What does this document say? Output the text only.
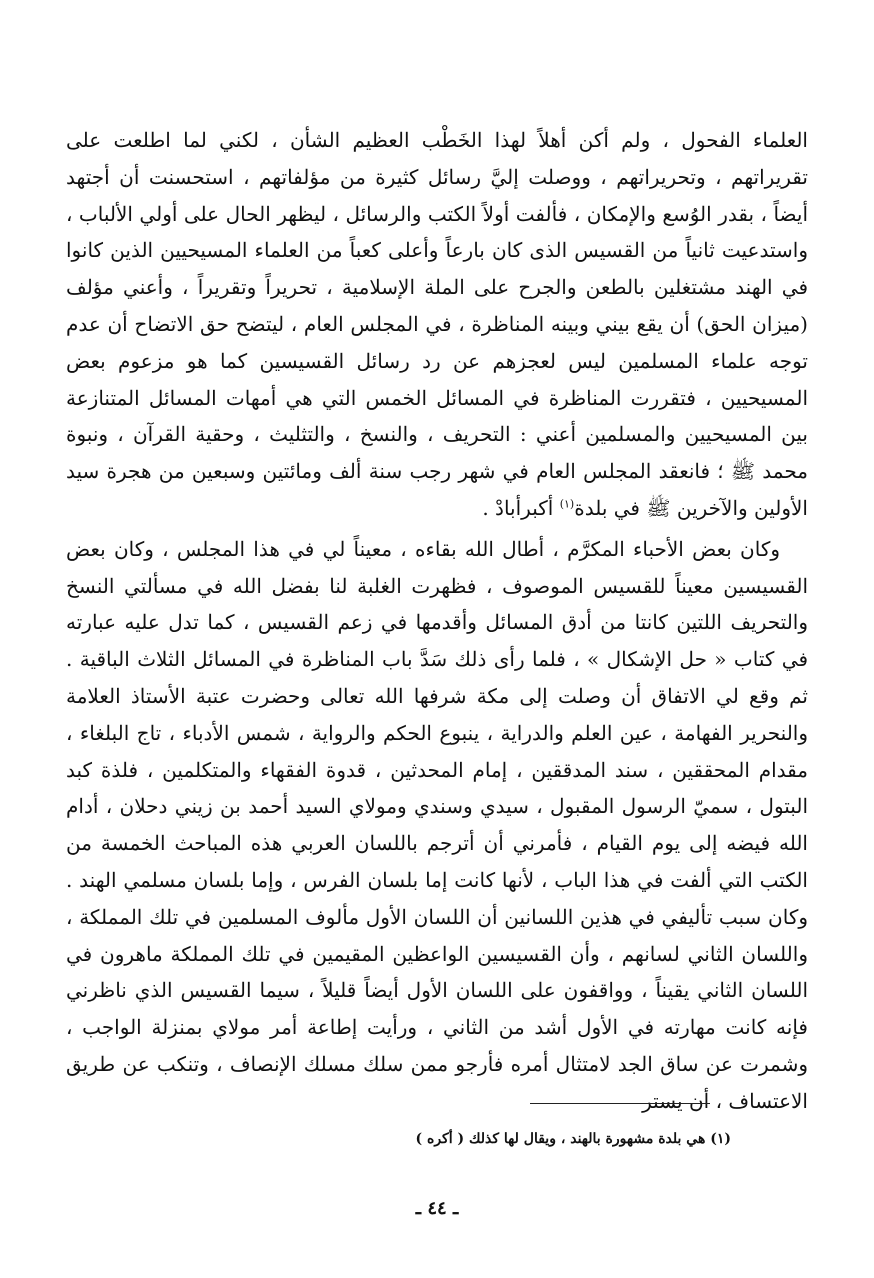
العلماء الفحول ، ولم أكن أهلاً لهذا الخَطْب العظيم الشأن ، لكني لما اطلعت على تقريراتهم ، وتحريراتهم ، ووصلت إليَّ رسائل كثيرة من مؤلفاتهم ، استحسنت أن أجتهد أيضاً ، بقدر الوُسع والإمكان ، فألفت أولاً الكتب والرسائل ، ليظهر الحال على أولي الألباب ، واستدعيت ثانياً من القسيس الذى كان بارعاً وأعلى كعباً من العلماء المسيحيين الذين كانوا في الهند مشتغلين بالطعن والجرح على الملة الإسلامية ، تحريراً وتقريراً ، وأعني مؤلف (ميزان الحق) أن يقع بيني وبينه المناظرة ، في المجلس العام ، ليتضح حق الاتضاح أن عدم توجه علماء المسلمين ليس لعجزهم عن رد رسائل القسيسين كما هو مزعوم بعض المسيحيين ، فتقررت المناظرة في المسائل الخمس التي هي أمهات المسائل المتنازعة بين المسيحيين والمسلمين أعني : التحريف ، والنسخ ، والتثليث ، وحقية القرآن ، ونبوة محمد ﷺ ؛ فانعقد المجلس العام في شهر رجب سنة ألف ومائتين وسبعين من هجرة سيد الأولين والآخرين ﷺ في بلدة$^{(١)}$ أكبرأبادْ .

وكان بعض الأحباء المكرَّم ، أطال الله بقاءه ، معيناً لي في هذا المجلس ، وكان بعض القسيسين معيناً للقسيس الموصوف ، فظهرت الغلبة لنا بفضل الله في مسألتي النسخ والتحريف اللتين كانتا من أدق المسائل وأقدمها في زعم القسيس ، كما تدل عليه عبارته في كتاب « حل الإشكال » ، فلما رأى ذلك سَدَّ باب المناظرة في المسائل الثلاث الباقية . ثم وقع لي الاتفاق أن وصلت إلى مكة شرفها الله تعالى وحضرت عتبة الأستاذ العلامة والنحرير الفهامة ، عين العلم والدراية ، ينبوع الحكم والرواية ، شمس الأدباء ، تاج البلغاء ، مقدام المحققين ، سند المدققين ، إمام المحدثين ، قدوة الفقهاء والمتكلمين ، فلذة كبد البتول ، سميّ الرسول المقبول ، سيدي وسندي ومولاي السيد أحمد بن زيني دحلان ، أدام الله فيضه إلى يوم القيام ، فأمرني أن أترجم باللسان العربي هذه المباحث الخمسة من الكتب التي ألفت في هذا الباب ، لأنها كانت إما بلسان الفرس ، وإما بلسان مسلمي الهند . وكان سبب تأليفي في هذين اللسانين أن اللسان الأول مألوف المسلمين في تلك المملكة ، واللسان الثاني لسانهم ، وأن القسيسين الواعظين المقيمين في تلك المملكة ماهرون في اللسان الثاني يقيناً ، وواقفون على اللسان الأول أيضاً قليلاً ، سيما القسيس الذي ناظرني فإنه كانت مهارته في الأول أشد من الثاني ، ورأيت إطاعة أمر مولاي بمنزلة الواجب ، وشمرت عن ساق الجد لامتثال أمره فأرجو ممن سلك مسلك الإنصاف ، وتنكب عن طريق الاعتساف ، أن يستر

(١) هي بلدة مشهورة بالهند ، ويقال لها كذلك ( أكره )
ـ ٤٤ ـ
